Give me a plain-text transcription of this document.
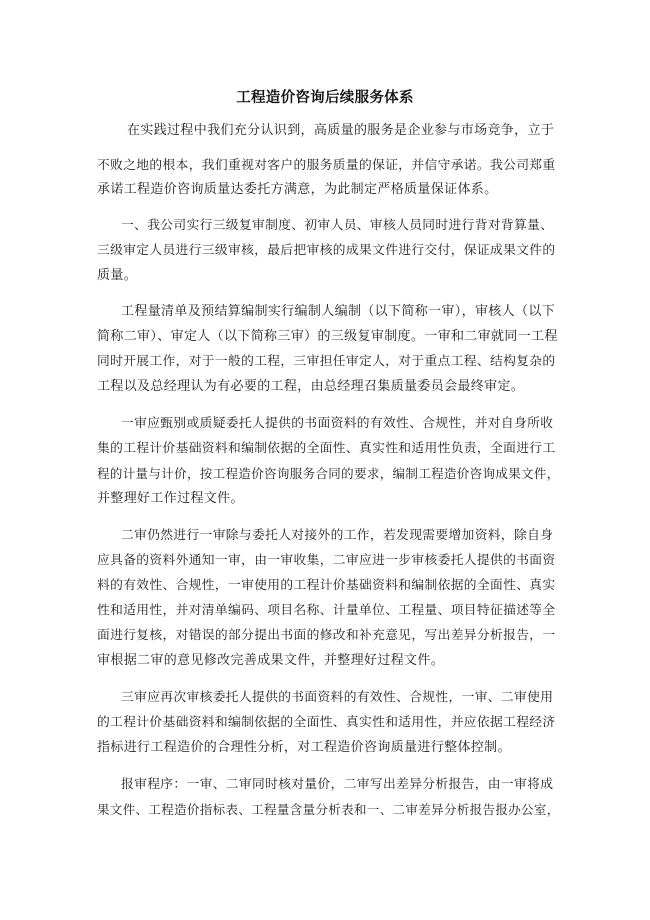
工程造价咨询后续服务体系
在实践过程中我们充分认识到，高质量的服务是企业参与市场竞争，立于
不败之地的根本，我们重视对客户的服务质量的保证，并信守承诺。我公司郑重
承诺工程造价咨询质量达委托方满意，为此制定严格质量保证体系。
一、我公司实行三级复审制度、初审人员、审核人员同时进行背对背算量、
三级审定人员进行三级审核，最后把审核的成果文件进行交付，保证成果文件的
质量。
工程量清单及预结算编制实行编制人编制（以下简称一审），审核人（以下
简称二审）、审定人（以下简称三审）的三级复审制度。一审和二审就同一工程
同时开展工作，对于一般的工程，三审担任审定人，对于重点工程、结构复杂的
工程以及总经理认为有必要的工程，由总经理召集质量委员会最终审定。
一审应甄别或质疑委托人提供的书面资料的有效性、合规性，并对自身所收
集的工程计价基础资料和编制依据的全面性、真实性和适用性负责，全面进行工
程的计量与计价，按工程造价咨询服务合同的要求，编制工程造价咨询成果文件，
并整理好工作过程文件。
二审仍然进行一审除与委托人对接外的工作，若发现需要增加资料，除自身
应具备的资料外通知一审，由一审收集，二审应进一步审核委托人提供的书面资
料的有效性、合规性，一审使用的工程计价基础资料和编制依据的全面性、真实
性和适用性，并对清单编码、项目名称、计量单位、工程量、项目特征描述等全
面进行复核，对错误的部分提出书面的修改和补充意见，写出差异分析报告，一
审根据二审的意见修改完善成果文件，并整理好过程文件。
三审应再次审核委托人提供的书面资料的有效性、合规性，一审、二审使用
的工程计价基础资料和编制依据的全面性、真实性和适用性，并应依据工程经济
指标进行工程造价的合理性分析，对工程造价咨询质量进行整体控制。
报审程序：一审、二审同时核对量价，二审写出差异分析报告，由一审将成
果文件、工程造价指标表、工程量含量分析表和一、二审差异分析报告报办公室，
